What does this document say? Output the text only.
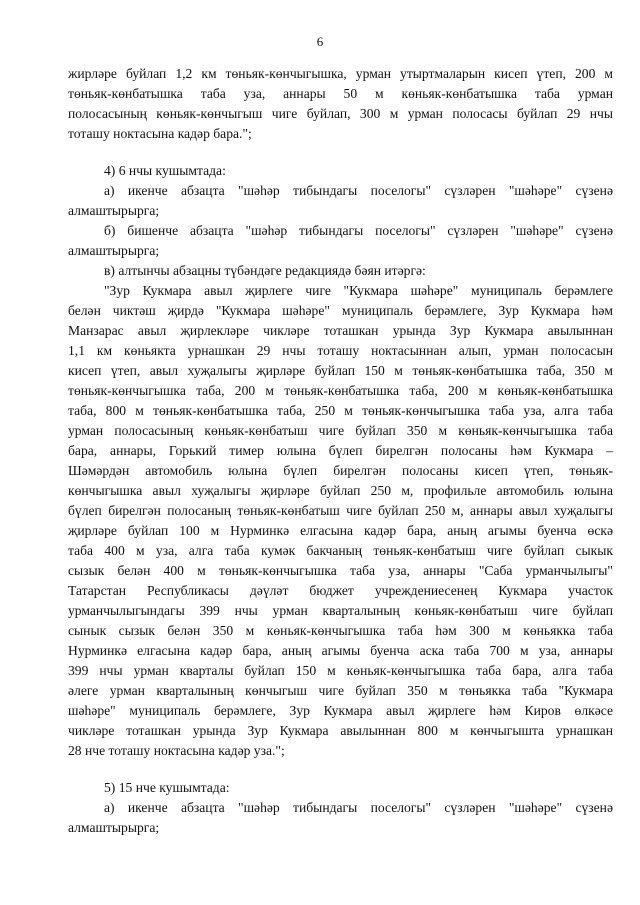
6
жирләре буйлап 1,2 км төньяк-көнчыгышка, урман утыртмаларын кисеп үтеп, 200 м
төньяк-көнбатышка таба уза, аннары 50 м көньяк-көнбатышка таба урман
полосасының көньяк-көнчыгыш чиге буйлап, 300 м урман полосасы буйлап 29 нчы
тоташу ноктасына кадәр бара.";
4) 6 нчы кушымтада:
а) икенче абзацта "шәһәр тибындагы поселогы" сүзләрен "шәһәре" сүзенә
алмаштырырга;
б) бишенче абзацта "шәһәр тибындагы поселогы" сүзләрен "шәһәре" сүзенә
алмаштырырга;
в) алтынчы абзацны түбәндәге редакциядә бәян итәргә:
"Зур Кукмара авыл җирлеге чиге "Кукмара шәһәре" муниципаль берәмлеге
белән чиктәш җирдә "Кукмара шәһәре" муниципаль берәмлеге, Зур Кукмара һәм
Манзарас авыл җирлекләре чикләре тоташкан урында Зур Кукмара авылыннан
1,1 км көньякта урнашкан 29 нчы тоташу ноктасыннан алып, урман полосасын
кисеп үтеп, авыл хуҗалыгы җирләре буйлап 150 м төньяк-көнбатышка таба, 350 м
төньяк-көнчыгышка таба, 200 м төньяк-көнбатышка таба, 200 м көньяк-көнбатышка
таба, 800 м төньяк-көнбатышка таба, 250 м төньяк-көнчыгышка таба уза, алга таба
урман полосасының көньяк-көнбатыш чиге буйлап 350 м көньяк-көнчыгышка таба
бара, аннары, Горький тимер юлына бүлеп бирелгән полосаны һәм Кукмара –
Шәмәрдән автомобиль юлына бүлеп бирелгән полосаны кисеп үтеп, төньяк-
көнчыгышка авыл хуҗалыгы җирләре буйлап 250 м, профильле автомобиль юлына
бүлеп бирелгән полосаның төньяк-көнбатыш чиге буйлап 250 м, аннары авыл хуҗалыгы
җирләре буйлап 100 м Нурминкә елгасына кадәр бара, аның агымы буенча өскә
таба 400 м уза, алга таба кумәк бакчаның төньяк-көнбатыш чиге буйлап сыкык
сызык белән 400 м төньяк-көнчыгышка таба уза, аннары "Саба урманчылыгы"
Татарстан Республикасы дәүләт бюджет учреждениесенең Кукмара участок
урманчылыгындагы 399 нчы урман кварталының көньяк-көнбатыш чиге буйлап
сынык сызык белән 350 м көньяк-көнчыгышка таба һәм 300 м көньякка таба
Нурминкә елгасына кадәр бара, аның агымы буенча аска таба 700 м уза, аннары
399 нчы урман кварталы буйлап 150 м көньяк-көнчыгышка таба бара, алга таба
әлеге урман кварталының көнчыгыш чиге буйлап 350 м төньякка таба "Кукмара
шәһәре" муниципаль берәмлеге, Зур Кукмара авыл җирлеге һәм Киров өлкәсе
чикләре тоташкан урында Зур Кукмара авылыннан 800 м көнчыгышта урнашкан
28 нче тоташу ноктасына кадәр уза.";
5) 15 нче кушымтада:
а) икенче абзацта "шәһәр тибындагы поселогы" сүзләрен "шәһәре" сүзенә
алмаштырырга;
